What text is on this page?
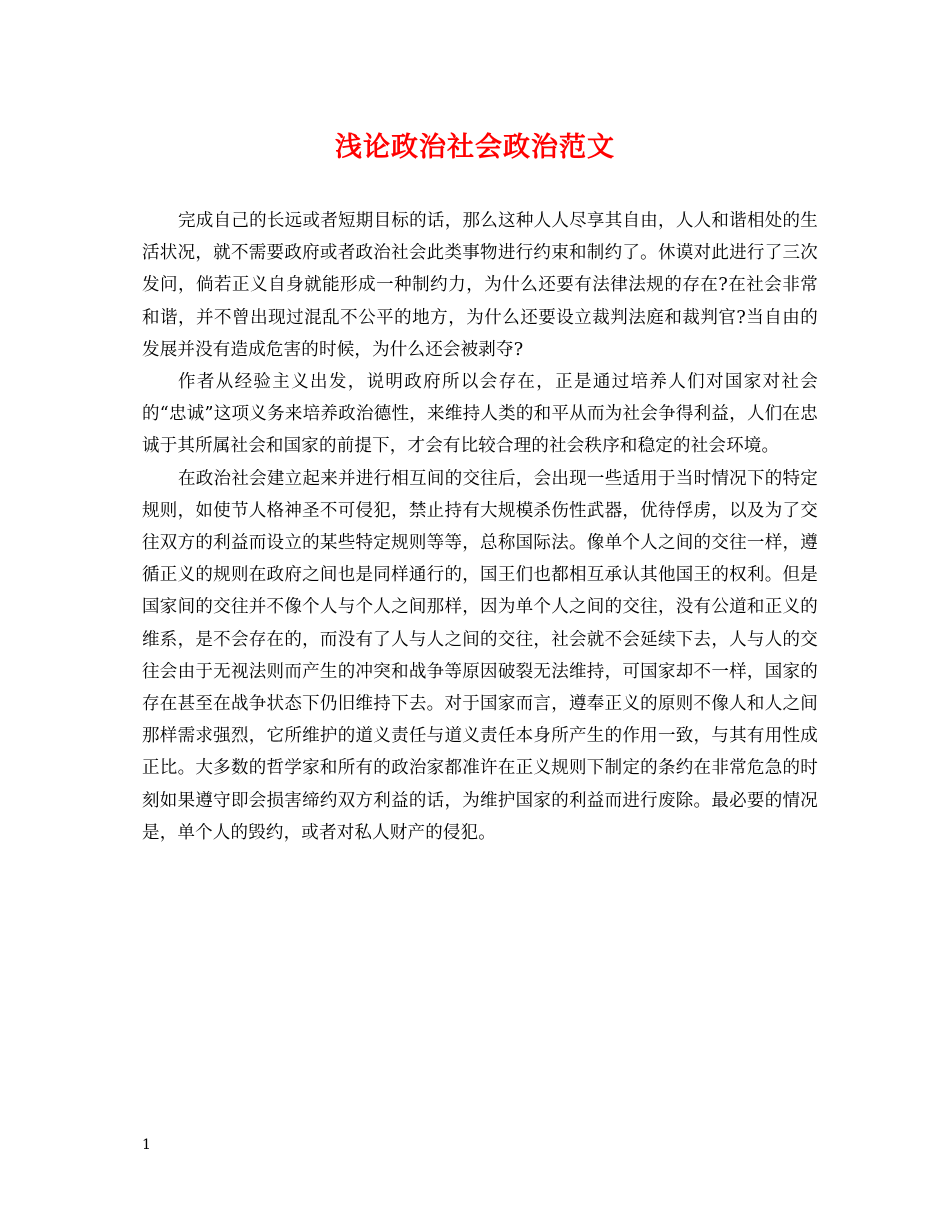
浅论政治社会政治范文

完成自己的长远或者短期目标的话，那么这种人人尽享其自由，人人和谐相处的生活状况，就不需要政府或者政治社会此类事物进行约束和制约了。休谟对此进行了三次发问，倘若正义自身就能形成一种制约力，为什么还要有法律法规的存在?在社会非常和谐，并不曾出现过混乱不公平的地方，为什么还要设立裁判法庭和裁判官?当自由的发展并没有造成危害的时候，为什么还会被剥夺?

作者从经验主义出发，说明政府所以会存在，正是通过培养人们对国家对社会的“忠诚”这项义务来培养政治德性，来维持人类的和平从而为社会争得利益，人们在忠诚于其所属社会和国家的前提下，才会有比较合理的社会秩序和稳定的社会环境。

在政治社会建立起来并进行相互间的交往后，会出现一些适用于当时情况下的特定规则，如使节人格神圣不可侵犯，禁止持有大规模杀伤性武器，优待俘虏，以及为了交往双方的利益而设立的某些特定规则等等，总称国际法。像单个人之间的交往一样，遵循正义的规则在政府之间也是同样通行的，国王们也都相互承认其他国王的权利。但是国家间的交往并不像个人与个人之间那样，因为单个人之间的交往，没有公道和正义的维系，是不会存在的，而没有了人与人之间的交往，社会就不会延续下去，人与人的交往会由于无视法则而产生的冲突和战争等原因破裂无法维持，可国家却不一样，国家的存在甚至在战争状态下仍旧维持下去。对于国家而言，遵奉正义的原则不像人和人之间那样需求强烈，它所维护的道义责任与道义责任本身所产生的作用一致，与其有用性成正比。大多数的哲学家和所有的政治家都准许在正义规则下制定的条约在非常危急的时刻如果遵守即会损害缔约双方利益的话，为维护国家的利益而进行废除。最必要的情况是，单个人的毁约，或者对私人财产的侵犯。

1
